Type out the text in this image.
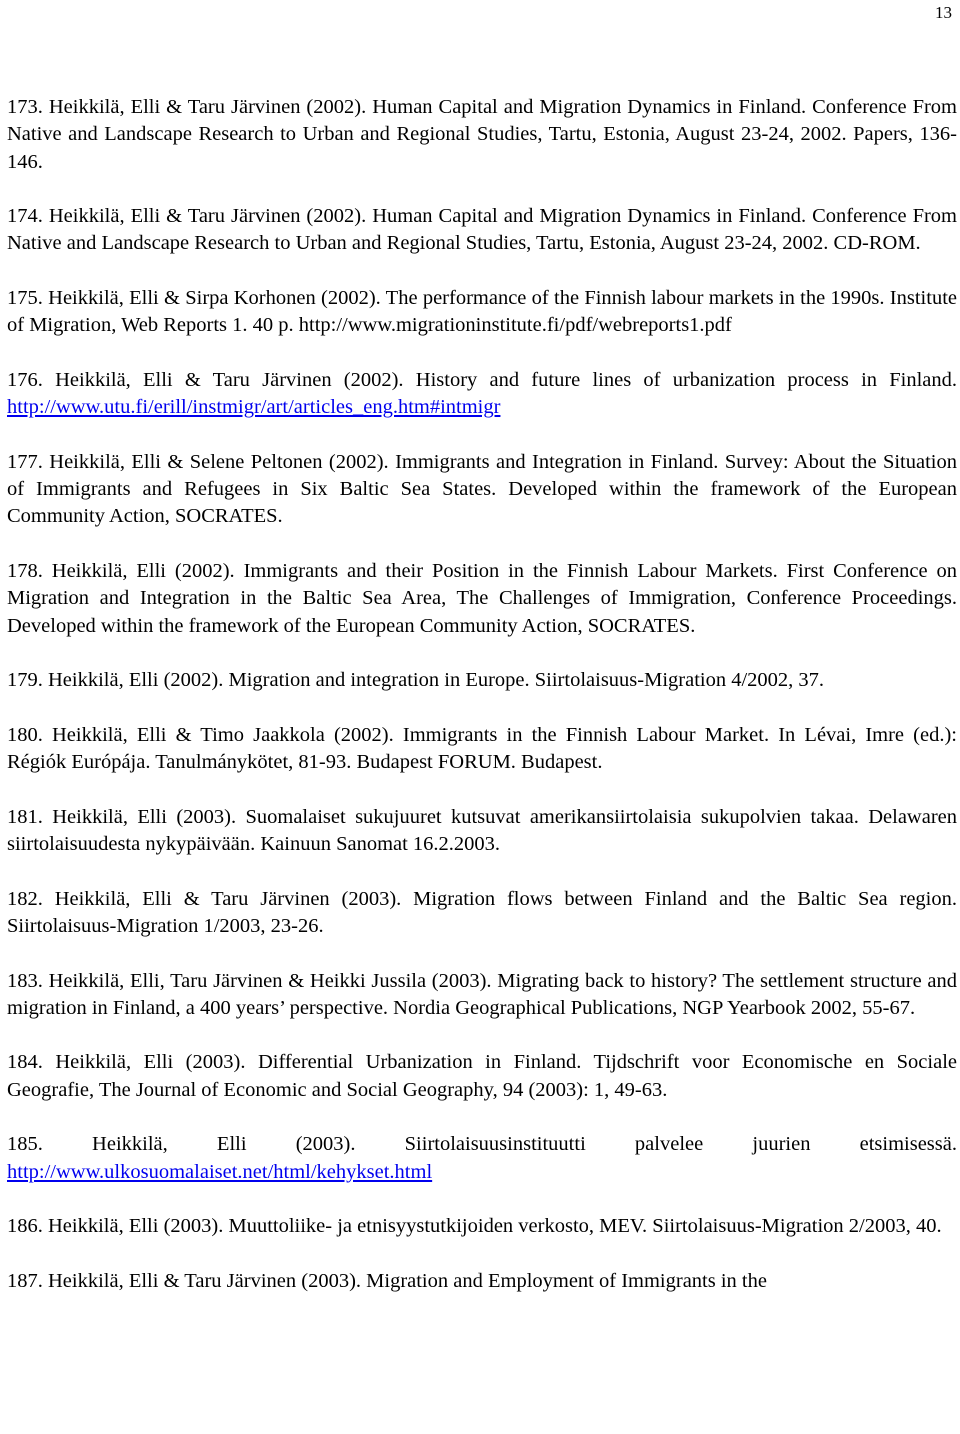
13
173. Heikkilä, Elli & Taru Järvinen (2002). Human Capital and Migration Dynamics in Finland. Conference From Native and Landscape Research to Urban and Regional Studies, Tartu, Estonia, August 23-24, 2002. Papers, 136-146.
174. Heikkilä, Elli & Taru Järvinen (2002). Human Capital and Migration Dynamics in Finland. Conference From Native and Landscape Research to Urban and Regional Studies, Tartu, Estonia, August 23-24, 2002. CD-ROM.
175. Heikkilä, Elli & Sirpa Korhonen (2002). The performance of the Finnish labour markets in the 1990s. Institute of Migration, Web Reports 1. 40 p. http://www.migrationinstitute.fi/pdf/webreports1.pdf
176. Heikkilä, Elli & Taru Järvinen (2002). History and future lines of urbanization process in Finland. http://www.utu.fi/erill/instmigr/art/articles_eng.htm#intmigr
177. Heikkilä, Elli & Selene Peltonen (2002). Immigrants and Integration in Finland. Survey: About the Situation of Immigrants and Refugees in Six Baltic Sea States. Developed within the framework of the European Community Action, SOCRATES.
178. Heikkilä, Elli (2002). Immigrants and their Position in the Finnish Labour Markets. First Conference on Migration and Integration in the Baltic Sea Area, The Challenges of Immigration, Conference Proceedings. Developed within the framework of the European Community Action, SOCRATES.
179. Heikkilä, Elli (2002). Migration and integration in Europe. Siirtolaisuus-Migration 4/2002, 37.
180. Heikkilä, Elli & Timo Jaakkola (2002). Immigrants in the Finnish Labour Market. In Lévai, Imre (ed.): Régiók Európája. Tanulmánykötet, 81-93. Budapest FORUM. Budapest.
181. Heikkilä, Elli (2003). Suomalaiset sukujuuret kutsuvat amerikansiirtolaisia sukupolvien takaa. Delawaren siirtolaisuudesta nykypäivään. Kainuun Sanomat 16.2.2003.
182. Heikkilä, Elli & Taru Järvinen (2003). Migration flows between Finland and the Baltic Sea region. Siirtolaisuus-Migration 1/2003, 23-26.
183. Heikkilä, Elli, Taru Järvinen & Heikki Jussila (2003). Migrating back to history? The settlement structure and migration in Finland, a 400 years’ perspective. Nordia Geographical Publications, NGP Yearbook 2002, 55-67.
184. Heikkilä, Elli (2003). Differential Urbanization in Finland. Tijdschrift voor Economische en Sociale Geografie, The Journal of Economic and Social Geography, 94 (2003): 1, 49-63.
185. Heikkilä, Elli (2003). Siirtolaisuusinstituutti palvelee juurien etsimisessä. http://www.ulkosuomalaiset.net/html/kehykset.html
186. Heikkilä, Elli (2003). Muuttoliike- ja etnisyystutkijoiden verkosto, MEV. Siirtolaisuus-Migration 2/2003, 40.
187. Heikkilä, Elli & Taru Järvinen (2003). Migration and Employment of Immigrants in the
